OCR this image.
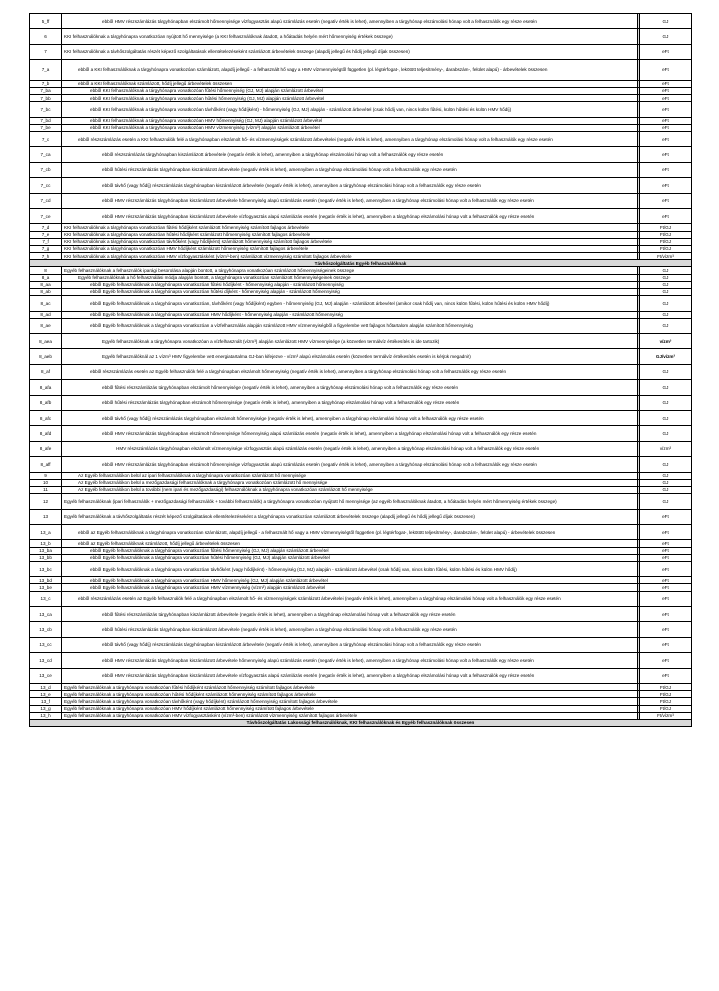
5_ff	ebből HMV részszámlázás tárgyhónapban elszámolt hőmennyisége vízfogyasztás alapú számlázás esetén (negatív érték is lehet), amennyiben a tárgyhónap elszámolási hónap volt a felhasználók egy része esetén		GJ
6	KKI felhasználóknak a tárgyhónapra vonatkozóan nyújtott hő mennyisége (a KKI felhasználóknak átadott, a hőátadás helyén mért hőmennyiség értékek összege)		GJ
7	KKI felhasználóknak a távhőszolgáltatás részét képező szolgáltatások ellentételezéseként számlázott árbevételek összege (alapdíj jellegű és hődíj jellegű díjak összesen)		eFt
7_a	ebből a KKI felhasználóknak a tárgyhónapra vonatkozóan számlázott, alapdíj jellegű - a felhasznált hő vagy a HMV vízmennyiségtől független (pl. légtérfogat-, lekötött teljesítmény-, darabszám-, felület alapú) - árbevételek összesen		eFt
7_b	ebből a KKI felhasználóknak számlázott, hődíj jellegű árbevételek összesen		eFt
7_ba	ebből KKI felhasználóknak a tárgyhónapra vonatkozóan fűtési hőmennyiség (GJ, MJ) alapján számlázott árbevétel		eFt
7_bb	ebből KKI felhasználóknak a tárgyhónapra vonatkozóan hűtési hőmennyiség (GJ, MJ) alapján számlázott árbevétel		eFt
7_bc	ebből KKI felhasználóknak a tárgyhónapra vonatkozóan távhőként (vagy hődíjként) - hőmennyiség (GJ, MJ) alapján - számlázott árbevétel (csak hődíj van, nincs külön fűtési, külön hűtési és külön HMV hődíj)		eFt
7_bd	ebből KKI felhasználóknak a tárgyhónapra vonatkozóan HMV hőmennyiség (GJ, MJ) alapján számlázott árbevétel		eFt
7_be	ebből KKI felhasználóknak a tárgyhónapra vonatkozóan HMV vízmennyiség (vízm³) alapján számlázott árbevétel		eFt
7_c	ebből részszámlázás esetén a KKI felhasználók felé a tárgyhónapban elszámolt hő- és vízmennyiségek számlázott árbevételei (negatív érték is lehet), amennyiben a tárgyhónap elszámolási hónap volt a felhasználók egy része esetén		eFt
7_ca	ebből részszámlázás tárgyhónapban kiszámlázott árbevétele (negatív érték is lehet), amennyiben a tárgyhónap elszámolási hónap volt a felhasználók egy része esetén		eFt
7_cb	ebből hűtési részszámlázás tárgyhónapban kiszámlázott árbevétele (negatív érték is lehet), amennyiben a tárgyhónap elszámolási hónap volt a felhasználók egy része esetén		eFt
7_cc	ebből távhő (vagy hődíj) részszámlázás tárgyhónapban kiszámlázott árbevétele (negatív érték is lehet), amennyiben a tárgyhónap elszámolási hónap volt a felhasználók egy része esetén		eFt
7_cd	ebből HMV részszámlázás tárgyhónapban kiszámlázott árbevétele hőmennyiség alapú számlázás esetén (negatív érték is lehet), amennyiben a tárgyhónap elszámolási hónap volt a felhasználók egy része esetén		eFt
7_ce	ebből HMV részszámlázás tárgyhónapban kiszámlázott árbevétele vízfogyasztás alapú számlázás esetén (negatív érték is lehet), amennyiben a tárgyhónap elszámolási hónap volt a felhasználók egy része esetén		eFt
7_d	KKI felhasználóknak a tárgyhónapra vonatkozóan fűtési hődíjként számlázott hőmennyiség számított fajlagos árbevétele		Ft/GJ
7_e	KKI felhasználóknak a tárgyhónapra vonatkozóan hűtési hődíjként számlázott hőmennyiség számított fajlagos árbevétele		Ft/GJ
7_f	KKI felhasználóknak a tárgyhónapra vonatkozóan távhőként (vagy hődíjként) számlázott hőmennyiség számított fajlagos árbevétele		Ft/GJ
7_g	KKI felhasználóknak a tárgyhónapra vonatkozóan HMV hődíjként számlázott hőmennyiség számított fajlagos árbevétele		Ft/GJ
7_h	KKI felhasználóknak a tárgyhónapra vonatkozóan HMV vízfogyasztásként (vízm³-ben) számlázott vízmennyiség számított fajlagos árbevétele		Ft/vízm³
Távhőszolgáltatás Egyéb felhasználóknak			
8	Egyéb felhasználóknak a felhasználók iparági besorolása alapján bontott, a tárgyhónapra vonatkozóan számlázott hőmennyiségeinek összege		GJ
8_a	Egyéb felhasználóknak a hő felhasználási módja alapján bontott, a tárgyhónapra vonatkozóan számlázott hőmennyiségeinek összege		GJ
8_aa	ebből Egyéb felhasználóknak a tárgyhónapra vonatkozóan fűtési hődíjként - hőmennyiség alapján - számlázott hőmennyiség		GJ
8_ab	ebből Egyéb felhasználóknak a tárgyhónapra vonatkozóan hűtési díjként - hőmennyiség alapján - számlázott hőmennyiség		GJ
8_ac	ebből Egyéb felhasználóknak a tárgyhónapra vonatkozóan, távhőként (vagy hődíjként) egyben - hőmennyiség (GJ, MJ) alapján - számlázott árbevétel (amikor csak hődíj van, nincs külön fűtési, külön hűtési és külön HMV hődíj)		GJ
8_ad	ebből Egyéb felhasználóknak a tárgyhónapra vonatkozóan HMV hődíjként - hőmennyiség alapján - számlázott hőmennyiség		GJ
8_ae	ebből Egyéb felhasználóknak a tárgyhónapra vonatkozóan a vízfelhasználás alapján számlázott HMV vízmennyiségből a figyelembe vett fajlagos hőtartalom alapján számított hőmennyiség		GJ
8_aea	Egyéb felhasználóknak a tárgyhónapra vonatkozóan a vízfelhasznált (vízm³) alapján számlázott HMV vízmennyisége (a közvetlen termálvíz értékesítés is ide tartozik)		vízm³
8_aeb	Egyéb felhasználóknál az 1 vízm³ HMV figyelembe vett energiatartalma GJ-ban kifejezve - vízm³ alapú elszámolás esetén (közvetlen termálvíz értékesítés esetén is kérjük megadni!)		GJ/vízm³
8_af	ebből részszámlázás esetén az Egyéb felhasználók felé a tárgyhónapban elszámolt hőmennyiség (negatív érték is lehet), amennyiben a tárgyhónap elszámolási hónap volt a felhasználók egy része esetén		GJ
8_afa	ebből fűtési részszámlázás tárgyhónapban elszámolt hőmennyisége (negatív érték is lehet), amennyiben a tárgyhónap elszámolási hónap volt a felhasználók egy része esetén		GJ
8_afb	ebből hűtési részszámlázás tárgyhónapban elszámolt hőmennyisége (negatív érték is lehet), amennyiben a tárgyhónap elszámolási hónap volt a felhasználók egy része esetén		GJ
8_afc	ebből távhő (vagy hődíj) részszámlázás tárgyhónapban elszámolt hőmennyisége (negatív érték is lehet), amennyiben a tárgyhónap elszámolási hónap volt a felhasználók egy része esetén		GJ
8_afd	ebből HMV részszámlázás tárgyhónapban elszámolt hőmennyisége hőmennyiség alapú számlázás esetén (negatív érték is lehet), amennyiben a tárgyhónap elszámolási hónap volt a felhasználók egy része esetén		GJ
8_afe	HMV részszámlázás tárgyhónapban elszámolt vízmennyisége vízfogyasztás alapú számlázás esetén (negatív érték is lehet), amennyiben a tárgyhónap elszámolási hónap volt a felhasználók egy része esetén		vízm³
8_aff	ebből HMV részszámlázás tárgyhónapban elszámolt hőmennyisége vízfogyasztás alapú számlázás esetén (negatív érték is lehet), amennyiben a tárgyhónap elszámolási hónap volt a felhasználók egy része esetén		GJ
9	Az Egyéb felhasználókon belül az ipari felhasználóknak a tárgyhónapra vonatkozóan számlázott hő mennyisége		GJ
10	Az Egyéb felhasználókon belül a mezőgazdasági felhasználóknak a tárgyhónapra vonatkozóan számlázott hő mennyisége		GJ
11	Az Egyéb felhasználókon belül a további (nem ipari és mezőgazdasági) felhasználóknak a tárgyhónapra vonatkozóan számlázott hő mennyisége		GJ
12	Egyéb felhasználóknak (ipari felhasználók + mezőgazdasági felhasználók + további felhasználók) a tárgyhónapra vonatkozóan nyújtott hő mennyisége (az egyéb felhasználóknak átadott, a hőátadás helyén mért hőmennyiség értékek összege)		GJ
13	Egyéb felhasználóknak a távhőszolgáltatás részét képező szolgáltatások ellentételezéseként a tárgyhónapra vonatkozóan számlázott árbevételek összege (alapdíj jellegű és hődíj jellegű díjak összesen)		eFt
13_a	ebből az Egyéb felhasználóknak a tárgyhónapra vonatkozóan számlázott, alapdíj jellegű - a felhasznált hő vagy a HMV vízmennyiségtől független (pl. légtérfogat-, lekötött teljesítmény-, darabszám-, felület alapú) - árbevételek összesen		eFt
13_b	ebből az Egyéb felhasználóknak számlázott, hődíj jellegű árbevételek összesen		eFt
13_ba	ebből Egyéb felhasználóknak a tárgyhónapra vonatkozóan fűtési hőmennyiség (GJ, MJ) alapján számlázott árbevétel		eFt
13_bb	ebből Egyéb felhasználóknak a tárgyhónapra vonatkozóan hűtési hőmennyiség (GJ, MJ) alapján számlázott árbevétel		eFt
13_bc	ebből Egyéb felhasználóknak a tárgyhónapra vonatkozóan távhőként (vagy hődíjként) - hőmennyiség (GJ, MJ) alapján - számlázott árbevétel (csak hődíj van, nincs külön fűtési, külön hűtési és külön HMV hődíj)		eFt
13_bd	ebből Egyéb felhasználóknak a tárgyhónapra vonatkozóan HMV hőmennyiség (GJ, MJ) alapján számlázott árbevétel		eFt
13_be	ebből Egyéb felhasználóknak a tárgyhónapra vonatkozóan HMV vízmennyiség (vízm³) alapján számlázott árbevétel		eFt
13_c	ebből részszámlázás esetén az Egyéb felhasználók felé a tárgyhónapban elszámolt hő- és vízmennyiségek számlázott árbevételei (negatív érték is lehet), amennyiben a tárgyhónap elszámolási hónap volt a felhasználók egy része esetén		eFt
13_ca	ebből fűtési részszámlázás tárgyhónapban kiszámlázott árbevétele (negatív érték is lehet), amennyiben a tárgyhónap elszámolási hónap volt a felhasználók egy része esetén		eFt
13_cb	ebből hűtési részszámlázás tárgyhónapban kiszámlázott árbevétele (negatív érték is lehet), amennyiben a tárgyhónap elszámolási hónap volt a felhasználók egy része esetén		eFt
13_cc	ebből távhő (vagy hődíj) részszámlázás tárgyhónapban kiszámlázott árbevétele (negatív érték is lehet), amennyiben a tárgyhónap elszámolási hónap volt a felhasználók egy része esetén		eFt
13_cd	ebből HMV részszámlázás tárgyhónapban kiszámlázott árbevétele hőmennyiség alapú számlázás esetén (negatív érték is lehet), amennyiben a tárgyhónap elszámolási hónap volt a felhasználók egy része esetén		eFt
13_ce	ebből HMV részszámlázás tárgyhónapban kiszámlázott árbevétele vízfogyasztás alapú számlázás esetén (negatív érték is lehet), amennyiben a tárgyhónap elszámolási hónap volt a felhasználók egy része esetén		eFt
13_d	Egyéb felhasználóknak a tárgyhónapra vonatkozóan fűtési hődíjként számlázott hőmennyiség számított fajlagos árbevétele		Ft/GJ
13_e	Egyéb felhasználóknak a tárgyhónapra vonatkozóan hűtési hődíjként számlázott hőmennyiség számított fajlagos árbevétele		Ft/GJ
13_f	Egyéb felhasználóknak a tárgyhónapra vonatkozóan távhőként (vagy hődíjként) számlázott hőmennyiség számított fajlagos árbevétele		Ft/GJ
13_g	Egyéb felhasználóknak a tárgyhónapra vonatkozóan HMV hődíjként számlázott hőmennyiség számított fajlagos árbevétele		Ft/GJ
13_h	Egyéb felhasználóknak a tárgyhónapra vonatkozóan HMV vízfogyasztásként (vízm³-ben) számlázott vízmennyiség számított fajlagos árbevétele		Ft/vízm³
Távhőszolgáltatás Lakossági felhasználóknak, KKI felhasználóknak és Egyéb felhasználóknak összesen			
